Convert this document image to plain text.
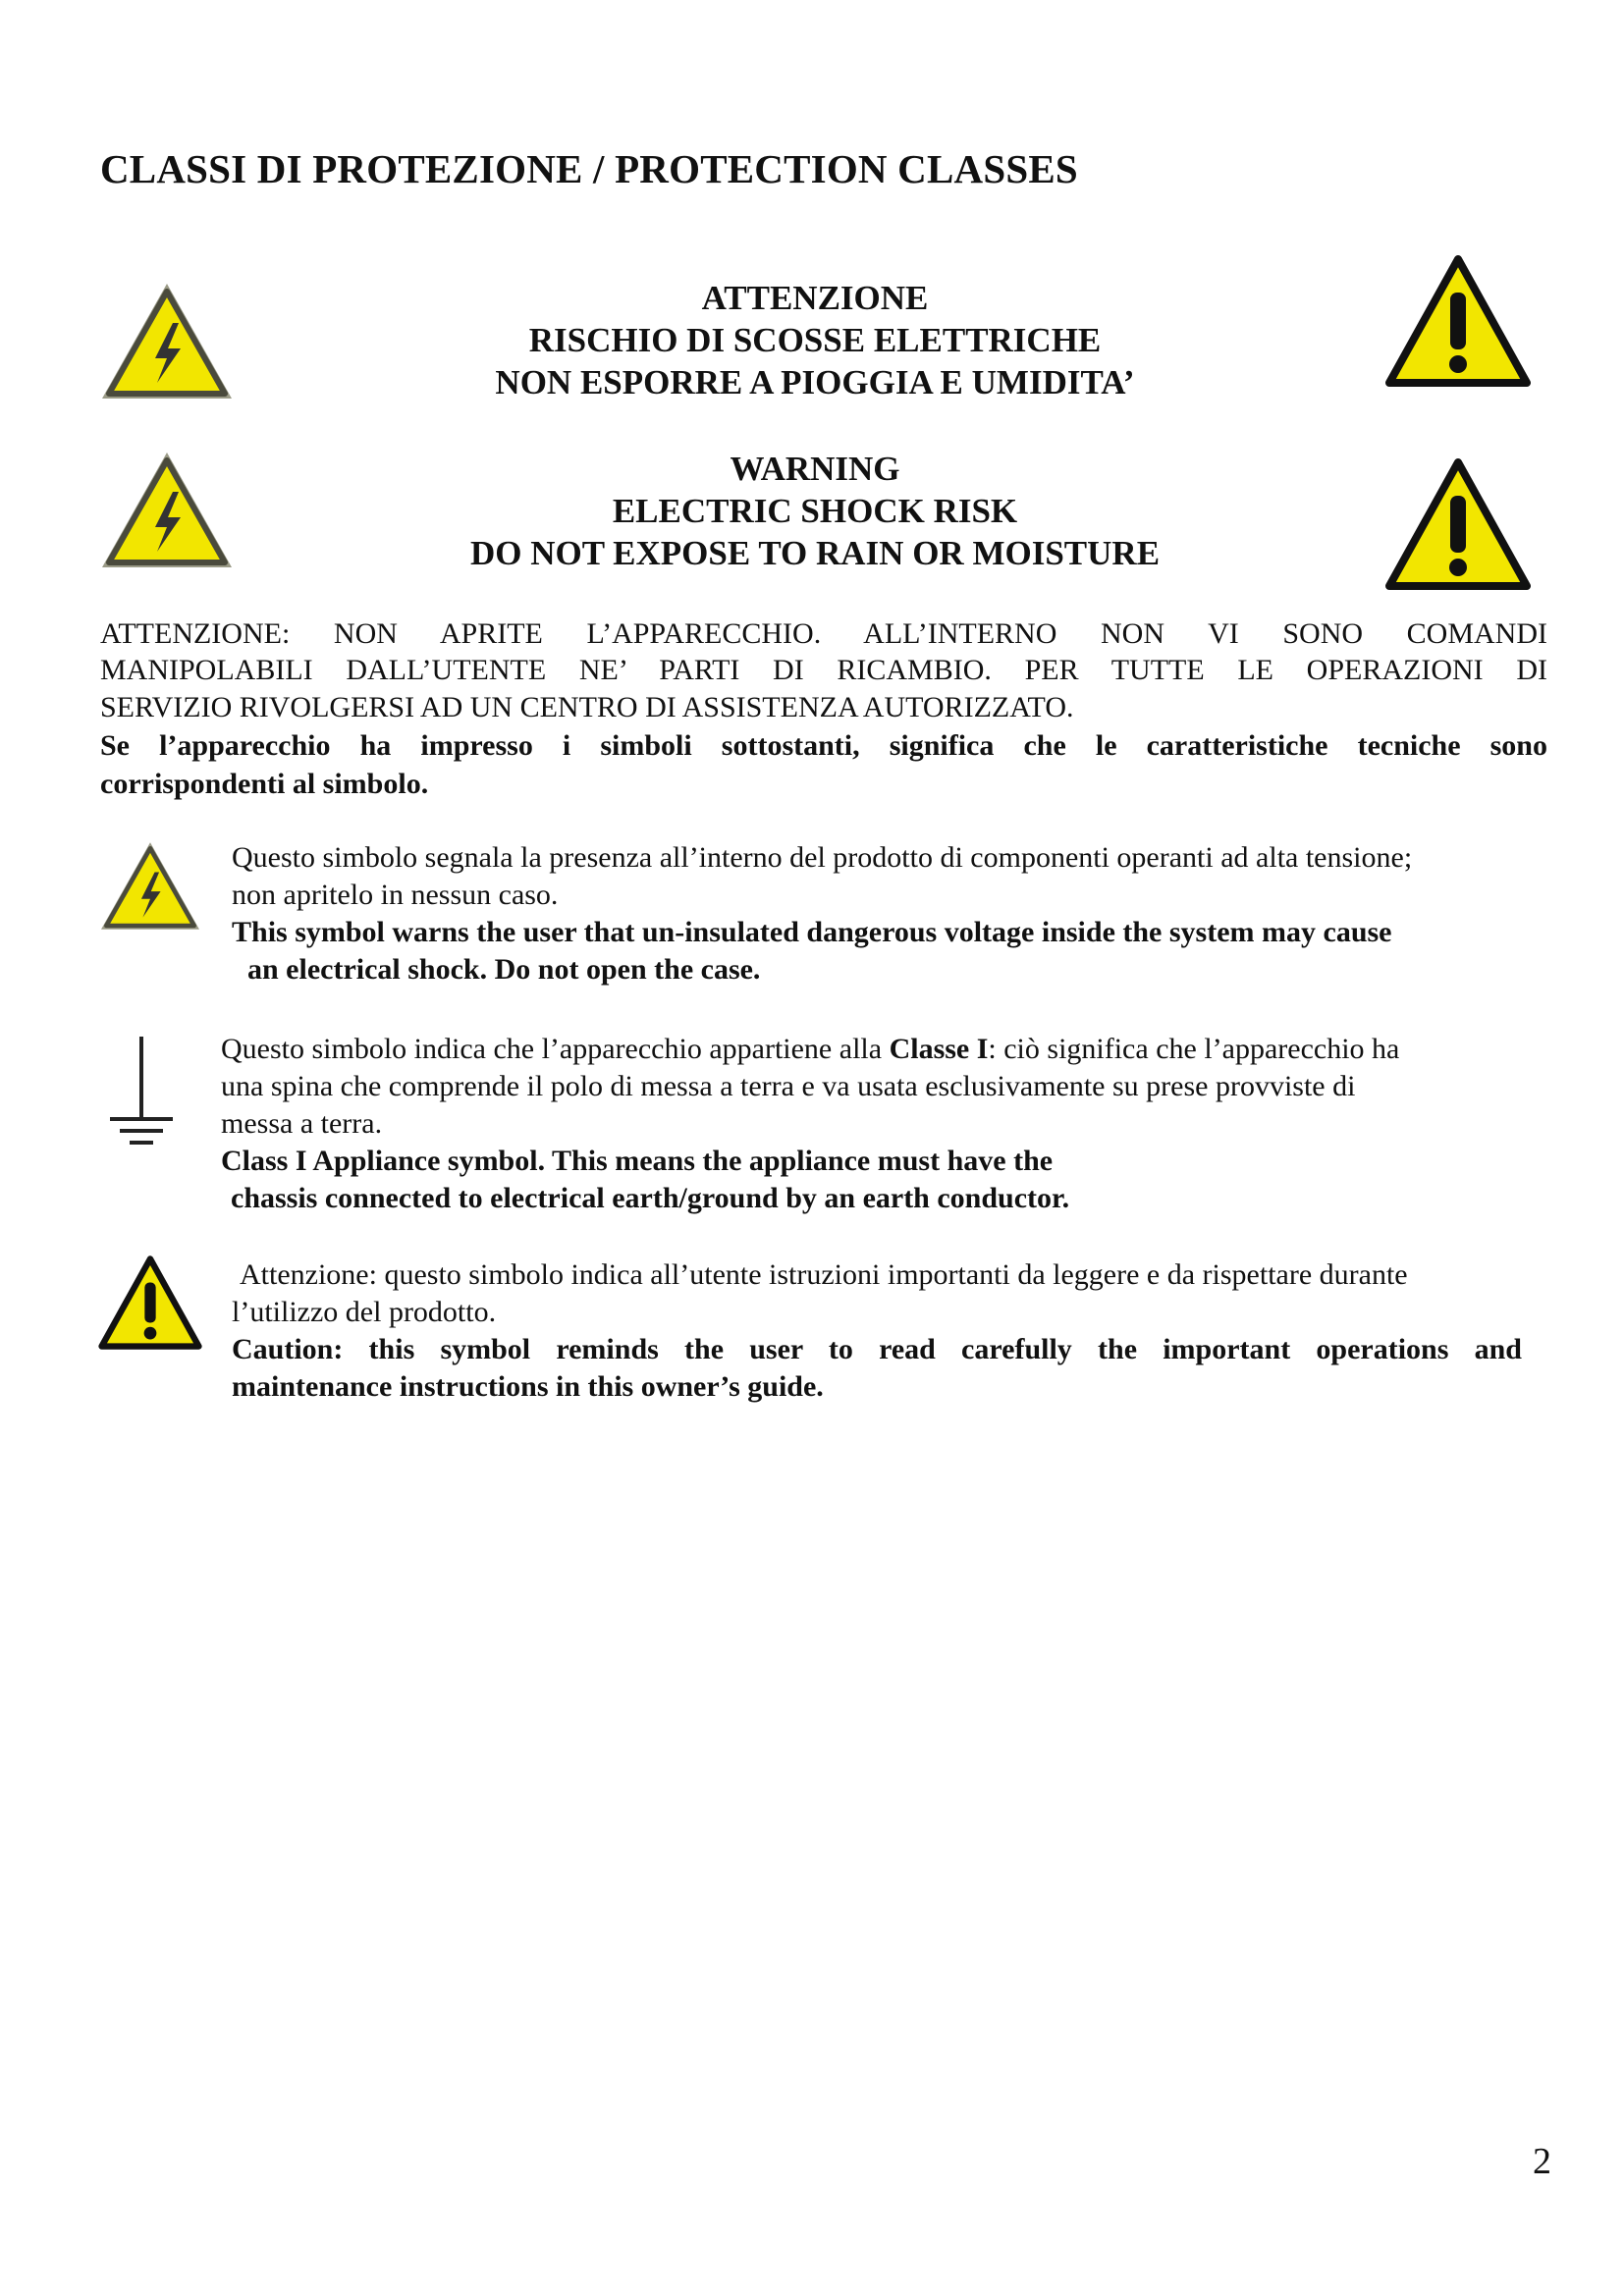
CLASSI DI PROTEZIONE / PROTECTION CLASSES
ATTENZIONE
RISCHIO DI SCOSSE ELETTRICHE
NON ESPORRE A PIOGGIA E UMIDITA’
WARNING
ELECTRIC SHOCK RISK
DO NOT EXPOSE TO RAIN OR MOISTURE
ATTENZIONE: NON APRITE L’APPARECCHIO. ALL’INTERNO NON VI SONO COMANDI
MANIPOLABILI DALL’UTENTE NE’ PARTI DI RICAMBIO. PER TUTTE LE OPERAZIONI DI
SERVIZIO RIVOLGERSI AD UN CENTRO DI ASSISTENZA AUTORIZZATO.
Se l’apparecchio ha impresso i simboli sottostanti, significa che le caratteristiche tecniche sono
corrispondenti al simbolo.
Questo simbolo segnala la presenza all’interno del prodotto di componenti operanti ad alta tensione;
non apritelo in nessun caso.
This symbol warns the user that un-insulated dangerous voltage inside the system may cause
an electrical shock. Do not open the case.
Questo simbolo indica che l’apparecchio appartiene alla Classe I: ciò significa che l’apparecchio ha
una spina che comprende il polo di messa a terra e va usata esclusivamente su prese provviste di
messa a terra.
Class I Appliance symbol. This means the appliance must have the
chassis connected to electrical earth/ground by an earth conductor.
Attenzione: questo simbolo indica all’utente istruzioni importanti da leggere e da rispettare durante
l’utilizzo del prodotto.
Caution: this symbol reminds the user to read carefully the important operations and
maintenance instructions in this owner’s guide.
2
